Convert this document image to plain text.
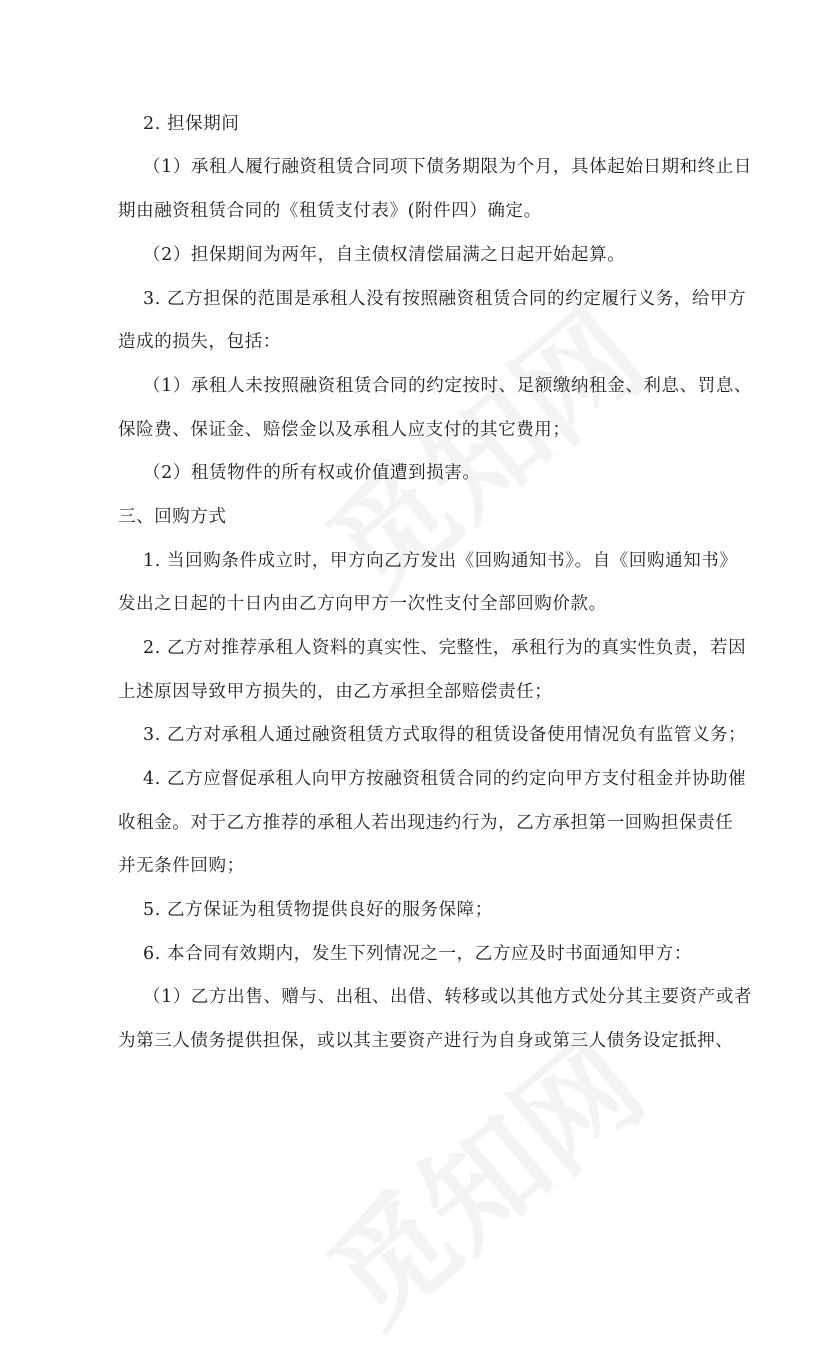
2. 担保期间
（1）承租人履行融资租赁合同项下债务期限为个月，具体起始日期和终止日
期由融资租赁合同的《租赁支付表》(附件四）确定。
（2）担保期间为两年，自主债权清偿届满之日起开始起算。
3. 乙方担保的范围是承租人没有按照融资租赁合同的约定履行义务，给甲方
造成的损失，包括：
（1）承租人未按照融资租赁合同的约定按时、足额缴纳租金、利息、罚息、
保险费、保证金、赔偿金以及承租人应支付的其它费用；
（2）租赁物件的所有权或价值遭到损害。
三、回购方式
1. 当回购条件成立时，甲方向乙方发出《回购通知书》。自《回购通知书》
发出之日起的十日内由乙方向甲方一次性支付全部回购价款。
2. 乙方对推荐承租人资料的真实性、完整性，承租行为的真实性负责，若因
上述原因导致甲方损失的，由乙方承担全部赔偿责任；
3. 乙方对承租人通过融资租赁方式取得的租赁设备使用情况负有监管义务；
4. 乙方应督促承租人向甲方按融资租赁合同的约定向甲方支付租金并协助催
收租金。对于乙方推荐的承租人若出现违约行为，乙方承担第一回购担保责任
并无条件回购；
5. 乙方保证为租赁物提供良好的服务保障；
6. 本合同有效期内，发生下列情况之一，乙方应及时书面通知甲方：
（1）乙方出售、赠与、出租、出借、转移或以其他方式处分其主要资产或者
为第三人债务提供担保，或以其主要资产进行为自身或第三人债务设定抵押、
